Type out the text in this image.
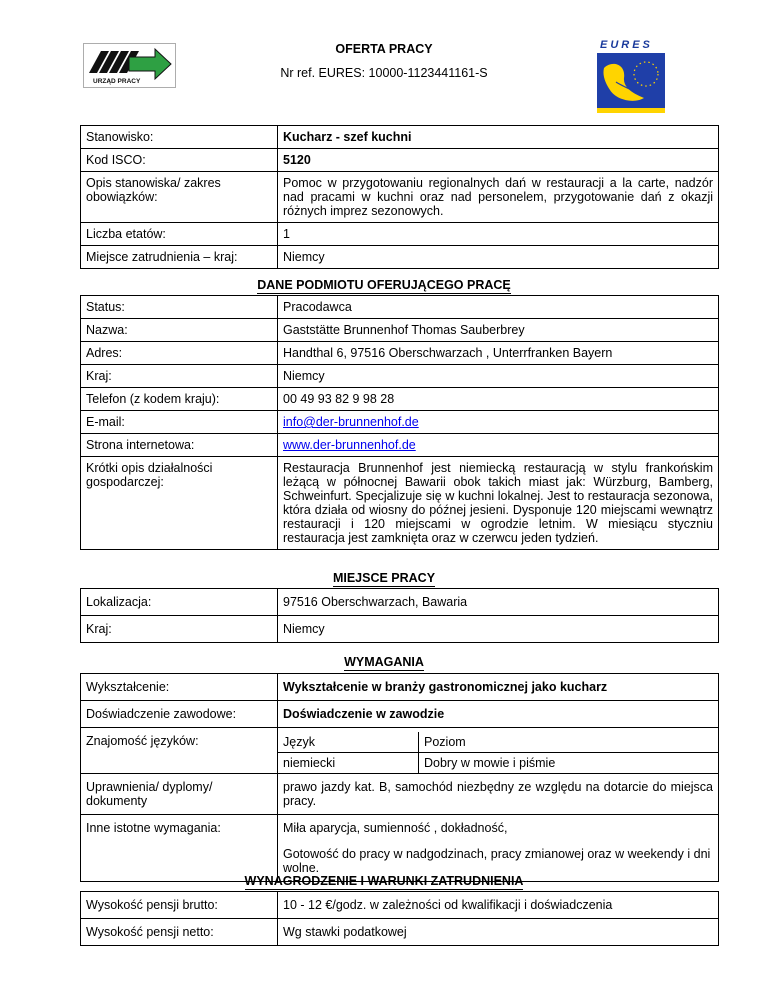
OFERTA PRACY
Nr ref. EURES: 10000-1123441161-S
URZĄD PRACY
EURES
Stanowisko:	Kucharz - szef kuchni
Kod ISCO:	5120
Opis stanowiska/ zakres obowiązków:	Pomoc w przygotowaniu regionalnych dań w restauracji a la carte, nadzór nad pracami w kuchni oraz nad personelem, przygotowanie dań z okazji różnych imprez sezonowych.
Liczba etatów:	1
Miejsce zatrudnienia – kraj:	Niemcy
DANE PODMIOTU OFERUJĄCEGO PRACĘ
Status:	Pracodawca
Nazwa:	Gaststätte Brunnenhof Thomas Sauberbrey
Adres:	Handthal 6, 97516 Oberschwarzach , Unterrfranken Bayern
Kraj:	Niemcy
Telefon (z kodem kraju):	00 49 93 82 9 98 28
E-mail:	info@der-brunnenhof.de
Strona internetowa:	www.der-brunnenhof.de
Krótki opis działalności gospodarczej:	Restauracja Brunnenhof jest niemiecką restauracją w stylu frankońskim leżącą w północnej Bawarii obok takich miast jak: Würzburg, Bamberg, Schweinfurt. Specjalizuje się w kuchni lokalnej. Jest to restauracja sezonowa, która działa od wiosny do późnej jesieni. Dysponuje 120 miejscami wewnątrz restauracji i 120 miejscami w ogrodzie letnim. W miesiącu styczniu restauracja jest zamknięta oraz w czerwcu jeden tydzień.
MIEJSCE PRACY
Lokalizacja:	97516 Oberschwarzach, Bawaria
Kraj:	Niemcy
WYMAGANIA
Wykształcenie:	Wykształcenie w branży gastronomicznej jako kucharz
Doświadczenie zawodowe:	Doświadczenie w zawodzie
Znajomość języków:		Język	Poziom
niemiecki	Dobry w mowie i piśmie

Uprawnienia/ dyplomy/ dokumenty	prawo jazdy kat. B, samochód niezbędny ze względu na dotarcie do miejsca pracy.
Inne istotne wymagania:	Miła aparycja, sumienność , dokładność,
Gotowość do pracy w nadgodzinach, pracy zmianowej oraz w weekendy i dni wolne.
WYNAGRODZENIE I WARUNKI ZATRUDNIENIA
Wysokość pensji brutto:	10 - 12 €/godz. w zależności od kwalifikacji i doświadczenia
Wysokość pensji netto:	Wg stawki podatkowej
